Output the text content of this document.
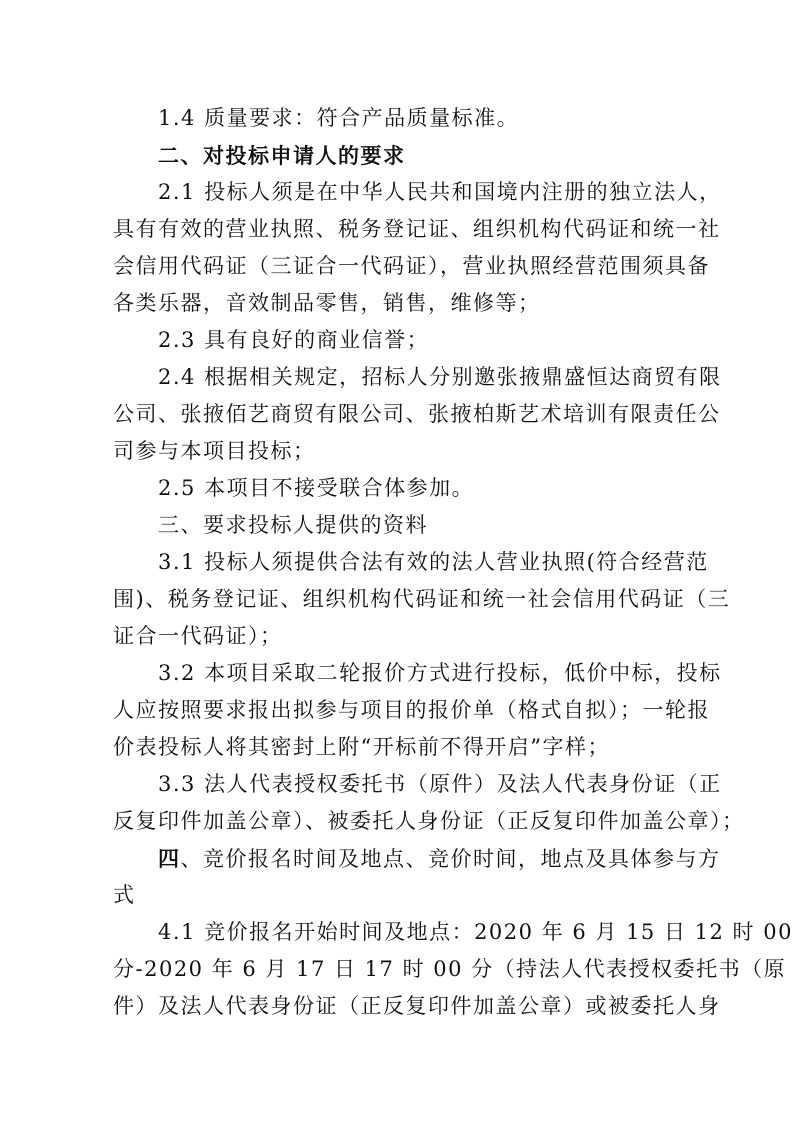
1.4 质量要求：符合产品质量标准。
二、对投标申请人的要求
2.1 投标人须是在中华人民共和国境内注册的独立法人，
具有有效的营业执照、税务登记证、组织机构代码证和统一社
会信用代码证（三证合一代码证），营业执照经营范围须具备
各类乐器，音效制品零售，销售，维修等；
2.3 具有良好的商业信誉；
2.4 根据相关规定，招标人分别邀张掖鼎盛恒达商贸有限
公司、张掖佰艺商贸有限公司、张掖柏斯艺术培训有限责任公
司参与本项目投标；
2.5 本项目不接受联合体参加。
三、要求投标人提供的资料
3.1 投标人须提供合法有效的法人营业执照(符合经营范
围)、税务登记证、组织机构代码证和统一社会信用代码证（三
证合一代码证）；
3.2 本项目采取二轮报价方式进行投标，低价中标，投标
人应按照要求报出拟参与项目的报价单（格式自拟）；一轮报
价表投标人将其密封上附“开标前不得开启”字样；
3.3 法人代表授权委托书（原件）及法人代表身份证（正
反复印件加盖公章）、被委托人身份证（正反复印件加盖公章）；
四、竞价报名时间及地点、竞价时间，地点及具体参与方
式
4.1 竞价报名开始时间及地点：2020 年 6 月 15 日 12 时 00
分-2020 年 6 月 17 日 17 时 00 分（持法人代表授权委托书（原
件）及法人代表身份证（正反复印件加盖公章）或被委托人身
